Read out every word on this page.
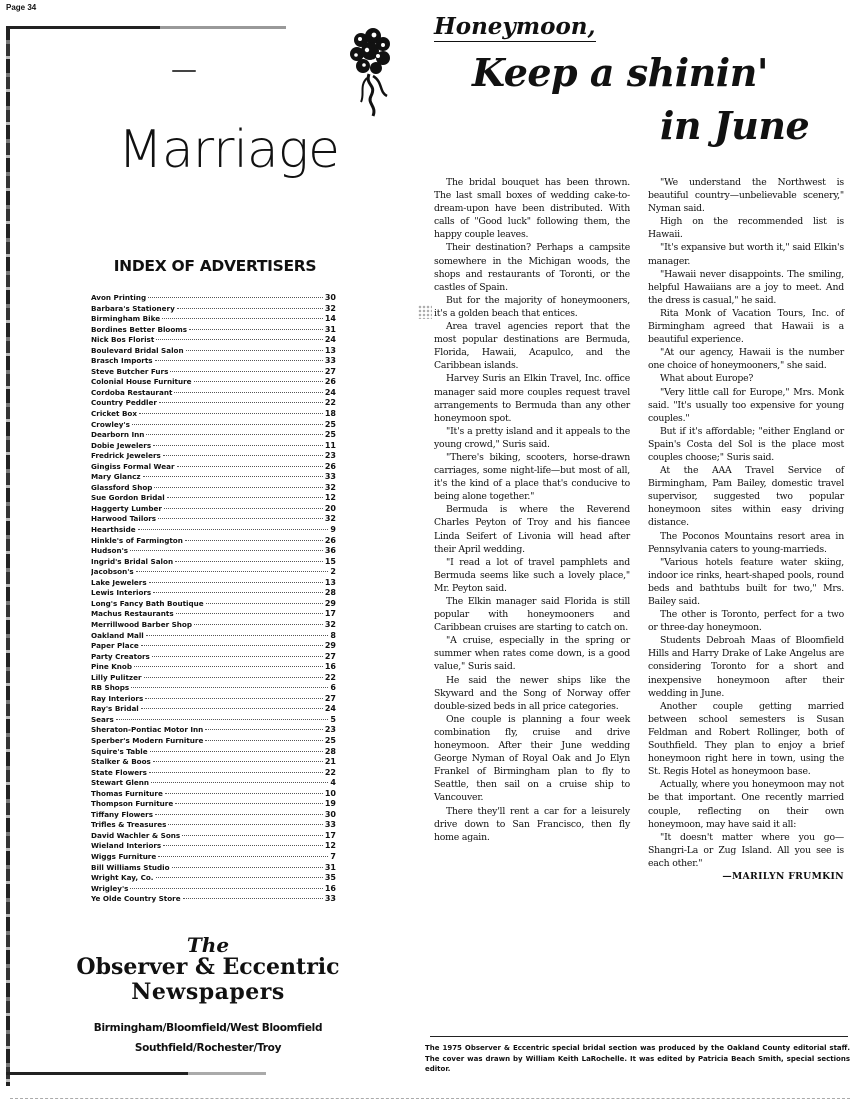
Page 34
Marriage
INDEX OF ADVERTISERS
Avon Printing	30
Barbara's Stationery	32
Birmingham Bike	14
Bordines Better Blooms	31
Nick Bos Florist	24
Boulevard Bridal Salon	13
Brasch Imports	33
Steve Butcher Furs	27
Colonial House Furniture	26
Cordoba Restaurant	24
Country Peddler	22
Cricket Box	18
Crowley's	25
Dearborn Inn	25
Dobie Jewelers	11
Fredrick Jewelers	23
Gingiss Formal Wear	26
Mary Glancz	33
Glassford Shop	32
Sue Gordon Bridal	12
Haggerty Lumber	20
Harwood Tailors	32
Hearthside	9
Hinkle's of Farmington	26
Hudson's	36
Ingrid's Bridal Salon	15
Jacobson's	2
Lake Jewelers	13
Lewis Interiors	28
Long's Fancy Bath Boutique	29
Machus Restaurants	17
Merrillwood Barber Shop	32
Oakland Mall	8
Paper Place	29
Party Creators	27
Pine Knob	16
Lilly Pulitzer	22
RB Shops	6
Ray Interiors	27
Ray's Bridal	24
Sears	5
Sheraton-Pontiac Motor Inn	23
Sperber's Modern Furniture	25
Squire's Table	28
Stalker & Boos	21
State Flowers	22
Stewart Glenn	4
Thomas Furniture	10
Thompson Furniture	19
Tiffany Flowers	30
Trifles & Treasures	33
David Wachler & Sons	17
Wieland Interiors	12
Wiggs Furniture	7
Bill Williams Studio	31
Wright Kay, Co.	35
Wrigley's	16
Ye Olde Country Store	33
The
Observer & Eccentric
Newspapers
Birmingham/Bloomfield/West Bloomfield
Southfield/Rochester/Troy
Honeymoon,
Keep a shinin'
in June

The bridal bouquet has been thrown. The last small boxes of wedding cake-to-dream-upon have been distributed. With calls of "Good luck" following them, the happy couple leaves.

Their destination? Perhaps a campsite somewhere in the Michigan woods, the shops and restaurants of Toronti, or the castles of Spain.

But for the majority of honeymooners, it's a golden beach that entices.

Area travel agencies report that the most popular destinations are Bermuda, Florida, Hawaii, Acapulco, and the Caribbean islands.

Harvey Suris an Elkin Travel, Inc. office manager said more couples request travel arrangements to Bermuda than any other honeymoon spot.

"It's a pretty island and it appeals to the young crowd," Suris said.

"There's biking, scooters, horse-drawn carriages, some night-life—but most of all, it's the kind of a place that's conducive to being alone together."

Bermuda is where the Reverend Charles Peyton of Troy and his fiancee Linda Seifert of Livonia will head after their April wedding.

"I read a lot of travel pamphlets and Bermuda seems like such a lovely place," Mr. Peyton said.

The Elkin manager said Florida is still popular with honeymooners and Caribbean cruises are starting to catch on.

"A cruise, especially in the spring or summer when rates come down, is a good value," Suris said.

He said the newer ships like the Skyward and the Song of Norway offer double-sized beds in all price categories.

One couple is planning a four week combination fly, cruise and drive honeymoon. After their June wedding George Nyman of Royal Oak and Jo Elyn Frankel of Birmingham plan to fly to Seattle, then sail on a cruise ship to Vancouver.

There they'll rent a car for a leisurely drive down to San Francisco, then fly home again.

"We understand the Northwest is beautiful country—unbelievable scenery," Nyman said.

High on the recommended list is Hawaii.

"It's expansive but worth it," said Elkin's manager.

"Hawaii never disappoints. The smiling, helpful Hawaiians are a joy to meet. And the dress is casual," he said.

Rita Monk of Vacation Tours, Inc. of Birmingham agreed that Hawaii is a beautiful experience.

"At our agency, Hawaii is the number one choice of honeymooners," she said.

What about Europe?

"Very little call for Europe," Mrs. Monk said. "It's usually too expensive for young couples."

But if it's affordable; "either England or Spain's Costa del Sol is the place most couples choose;" Suris said.

At the AAA Travel Service of Birmingham, Pam Bailey, domestic travel supervisor, suggested two popular honeymoon sites within easy driving distance.

The Poconos Mountains resort area in Pennsylvania caters to young-marrieds.

"Various hotels feature water skiing, indoor ice rinks, heart-shaped pools, round beds and bathtubs built for two," Mrs. Bailey said.

The other is Toronto, perfect for a two or three-day honeymoon.

Students Debroah Maas of Bloomfield Hills and Harry Drake of Lake Angelus are considering Toronto for a short and inexpensive honeymoon after their wedding in June.

Another couple getting married between school semesters is Susan Feldman and Robert Rollinger, both of Southfield. They plan to enjoy a brief honeymoon right here in town, using the St. Regis Hotel as honeymoon base.

Actually, where you honeymoon may not be that important. One recently married couple, reflecting on their own honeymoon, may have said it all:

"It doesn't matter where you go—Shangri-La or Zug Island. All you see is each other."

—MARILYN FRUMKIN

The 1975 Observer & Eccentric special bridal section was produced by the Oakland County editorial staff. The cover was drawn by William Keith LaRochelle. It was edited by Patricia Beach Smith, special sections editor.
